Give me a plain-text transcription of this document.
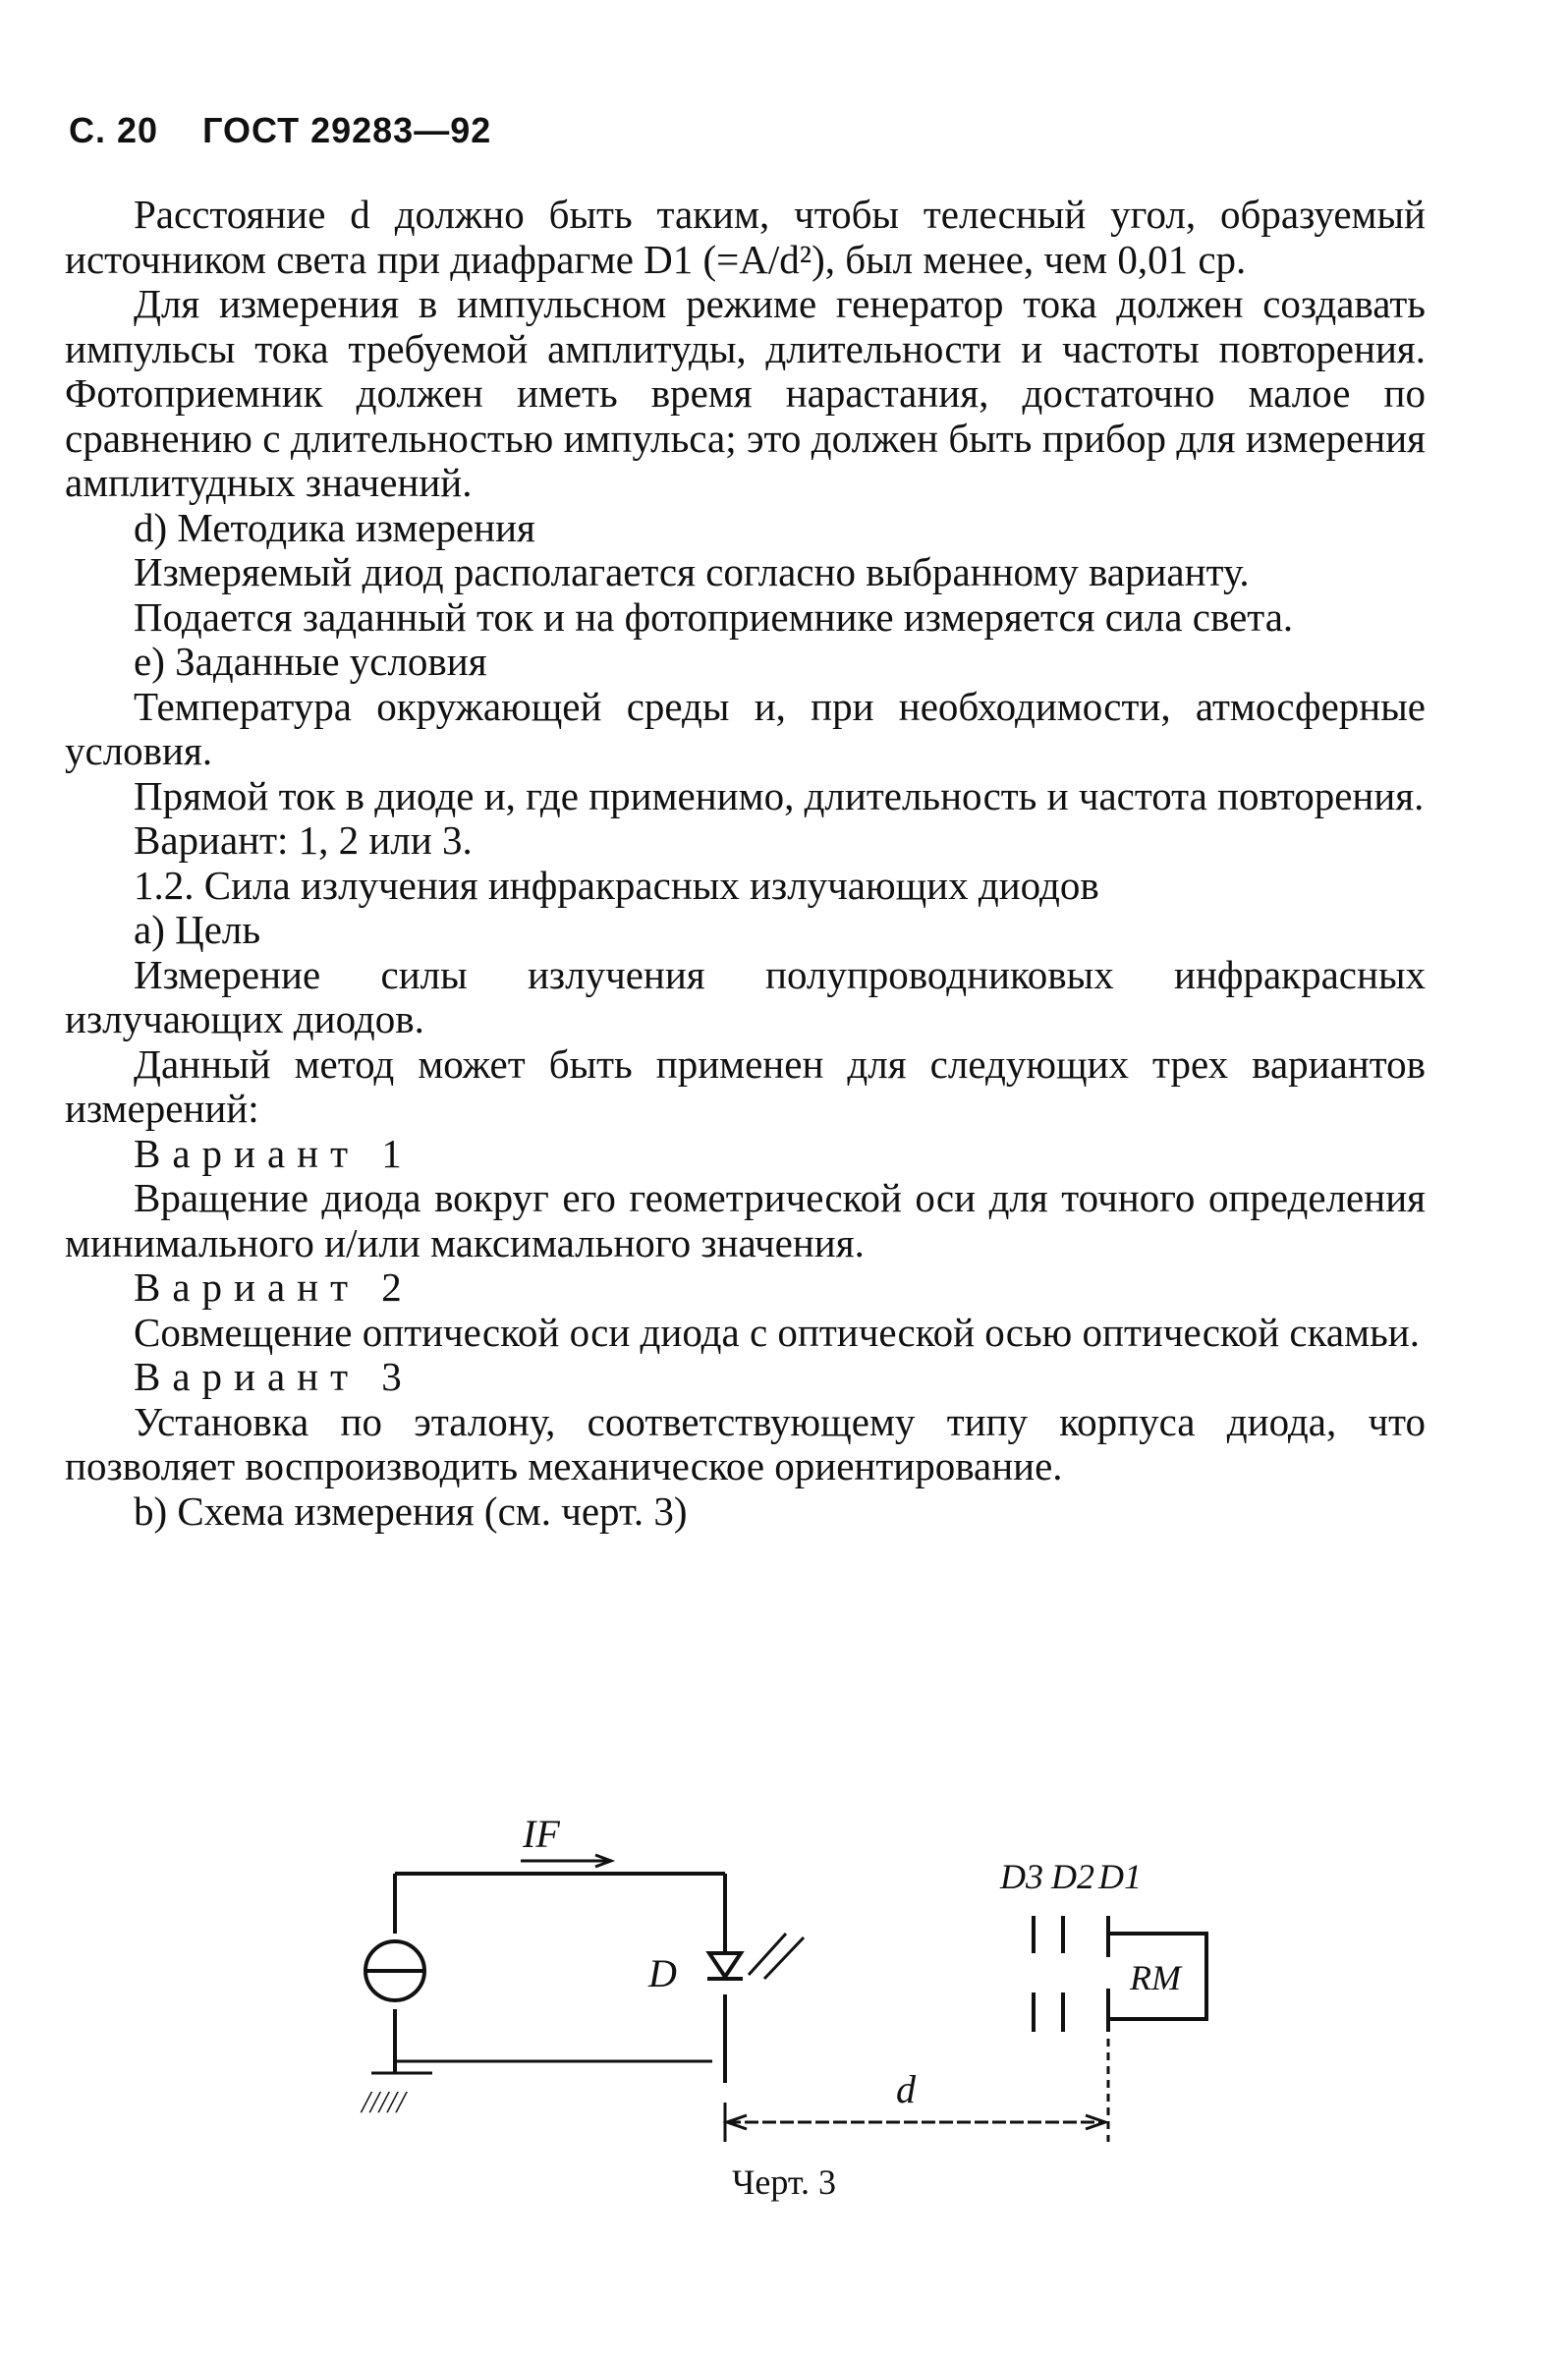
С. 20 ГОСТ 29283—92

Расстояние d должно быть таким, чтобы телесный угол, образуемый источником света при диафрагме D1 (=A/d²), был менее, чем 0,01 ср.

Для измерения в импульсном режиме генератор тока должен создавать импульсы тока требуемой амплитуды, длительности и частоты повторения. Фотоприемник должен иметь время нарастания, достаточно малое по сравнению с длительностью импульса; это должен быть прибор для измерения амплитудных значений.

d) Методика измерения

Измеряемый диод располагается согласно выбранному варианту.

Подается заданный ток и на фотоприемнике измеряется сила света.

e) Заданные условия

Температура окружающей среды и, при необходимости, атмосферные условия.

Прямой ток в диоде и, где применимо, длительность и частота повторения.

Вариант: 1, 2 или 3.

1.2. Сила излучения инфракрасных излучающих диодов

a) Цель

Измерение силы излучения полупроводниковых инфракрасных излучающих диодов.

Данный метод может быть применен для следующих трех вариантов измерений:

Вариант 1

Вращение диода вокруг его геометрической оси для точного определения минимального и/или максимального значения.

Вариант 2

Совмещение оптической оси диода с оптической осью оптической скамьи.

Вариант 3

Установка по эталону, соответствующему типу корпуса диода, что позволяет воспроизводить механическое ориентирование.

b) Схема измерения (см. черт. 3)

IF
D
D3 D2 D1
RM
d
/////
Черт. 3
